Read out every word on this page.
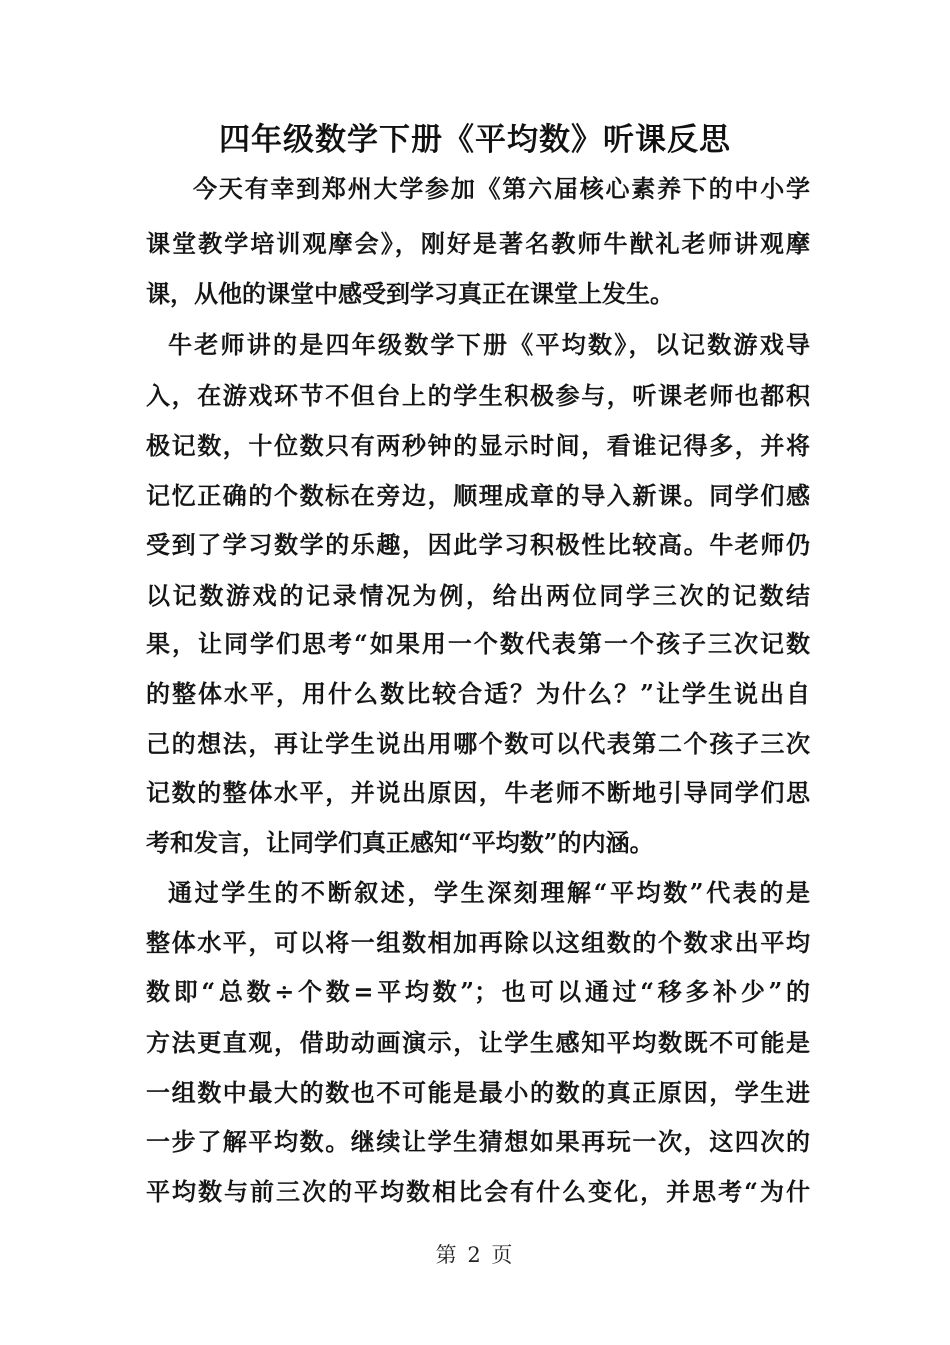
四年级数学下册《平均数》听课反思
今天有幸到郑州大学参加《第六届核心素养下的中小学
课堂教学培训观摩会》，刚好是著名教师牛猷礼老师讲观摩
课，从他的课堂中感受到学习真正在课堂上发生。
牛老师讲的是四年级数学下册《平均数》，以记数游戏导
入，在游戏环节不但台上的学生积极参与，听课老师也都积
极记数，十位数只有两秒钟的显示时间，看谁记得多，并将
记忆正确的个数标在旁边，顺理成章的导入新课。同学们感
受到了学习数学的乐趣，因此学习积极性比较高。牛老师仍
以记数游戏的记录情况为例，给出两位同学三次的记数结
果，让同学们思考“如果用一个数代表第一个孩子三次记数
的整体水平，用什么数比较合适？为什么？”让学生说出自
己的想法，再让学生说出用哪个数可以代表第二个孩子三次
记数的整体水平，并说出原因，牛老师不断地引导同学们思
考和发言，让同学们真正感知“平均数”的内涵。
通过学生的不断叙述，学生深刻理解“平均数”代表的是
整体水平，可以将一组数相加再除以这组数的个数求出平均
数即“总数÷个数=平均数”；也可以通过“移多补少”的
方法更直观，借助动画演示，让学生感知平均数既不可能是
一组数中最大的数也不可能是最小的数的真正原因，学生进
一步了解平均数。继续让学生猜想如果再玩一次，这四次的
平均数与前三次的平均数相比会有什么变化，并思考“为什
第 2 页
